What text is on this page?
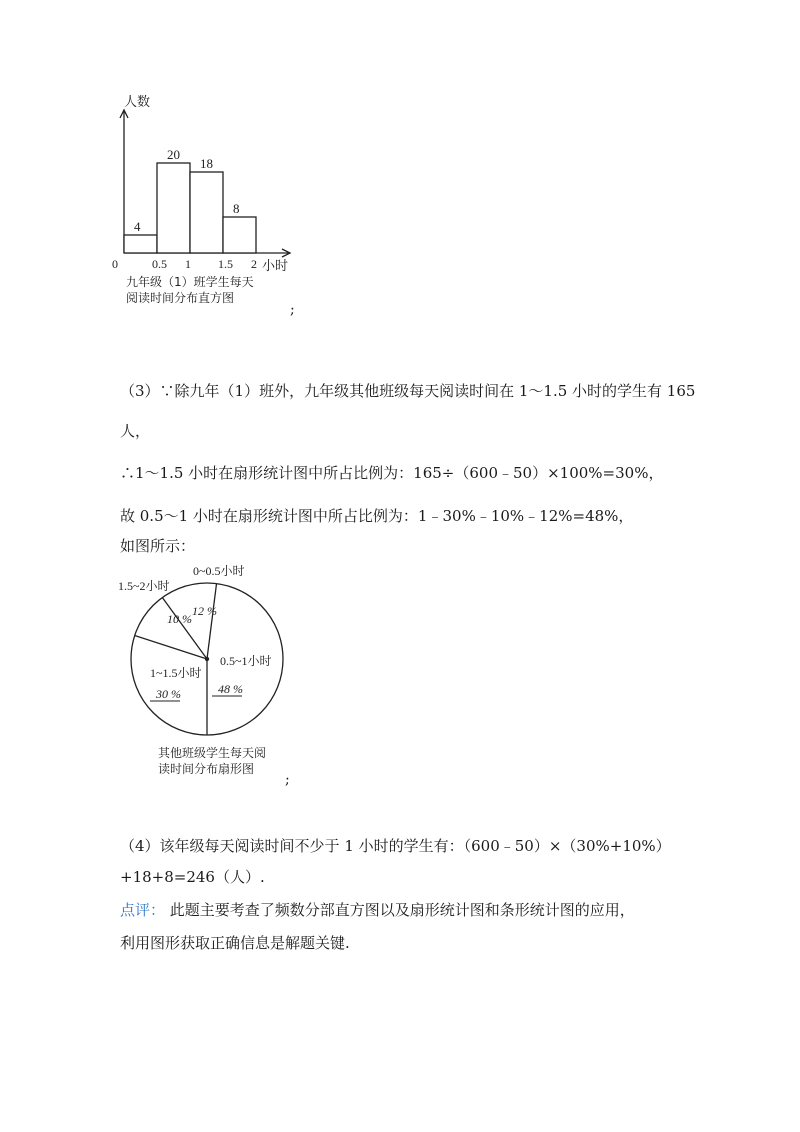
4
20
18
8
0	0.5 1 1.5 2
人数
小时
九年级（1）班学生每天
阅读时间分布直方图
;
（3）∵除九年（1）班外，九年级其他班级每天阅读时间在 1～1.5 小时的学生有 165
人，
∴1～1.5 小时在扇形统计图中所占比例为：165÷（600﹣50）×100%=30%，
故 0.5～1 小时在扇形统计图中所占比例为：1﹣30%﹣10%﹣12%=48%，
如图所示：
0~0.5小时
1.5~2小时
10 %
12 %
0.5~1小时
1~1.5小时
30 %	48 %
其他班级学生每天阅
读时间分布扇形图
;
（4）该年级每天阅读时间不少于 1 小时的学生有：（600﹣50）×（30%+10%）
+18+8=246（人）.
点评： 此题主要考查了频数分部直方图以及扇形统计图和条形统计图的应用，
利用图形获取正确信息是解题关键.
